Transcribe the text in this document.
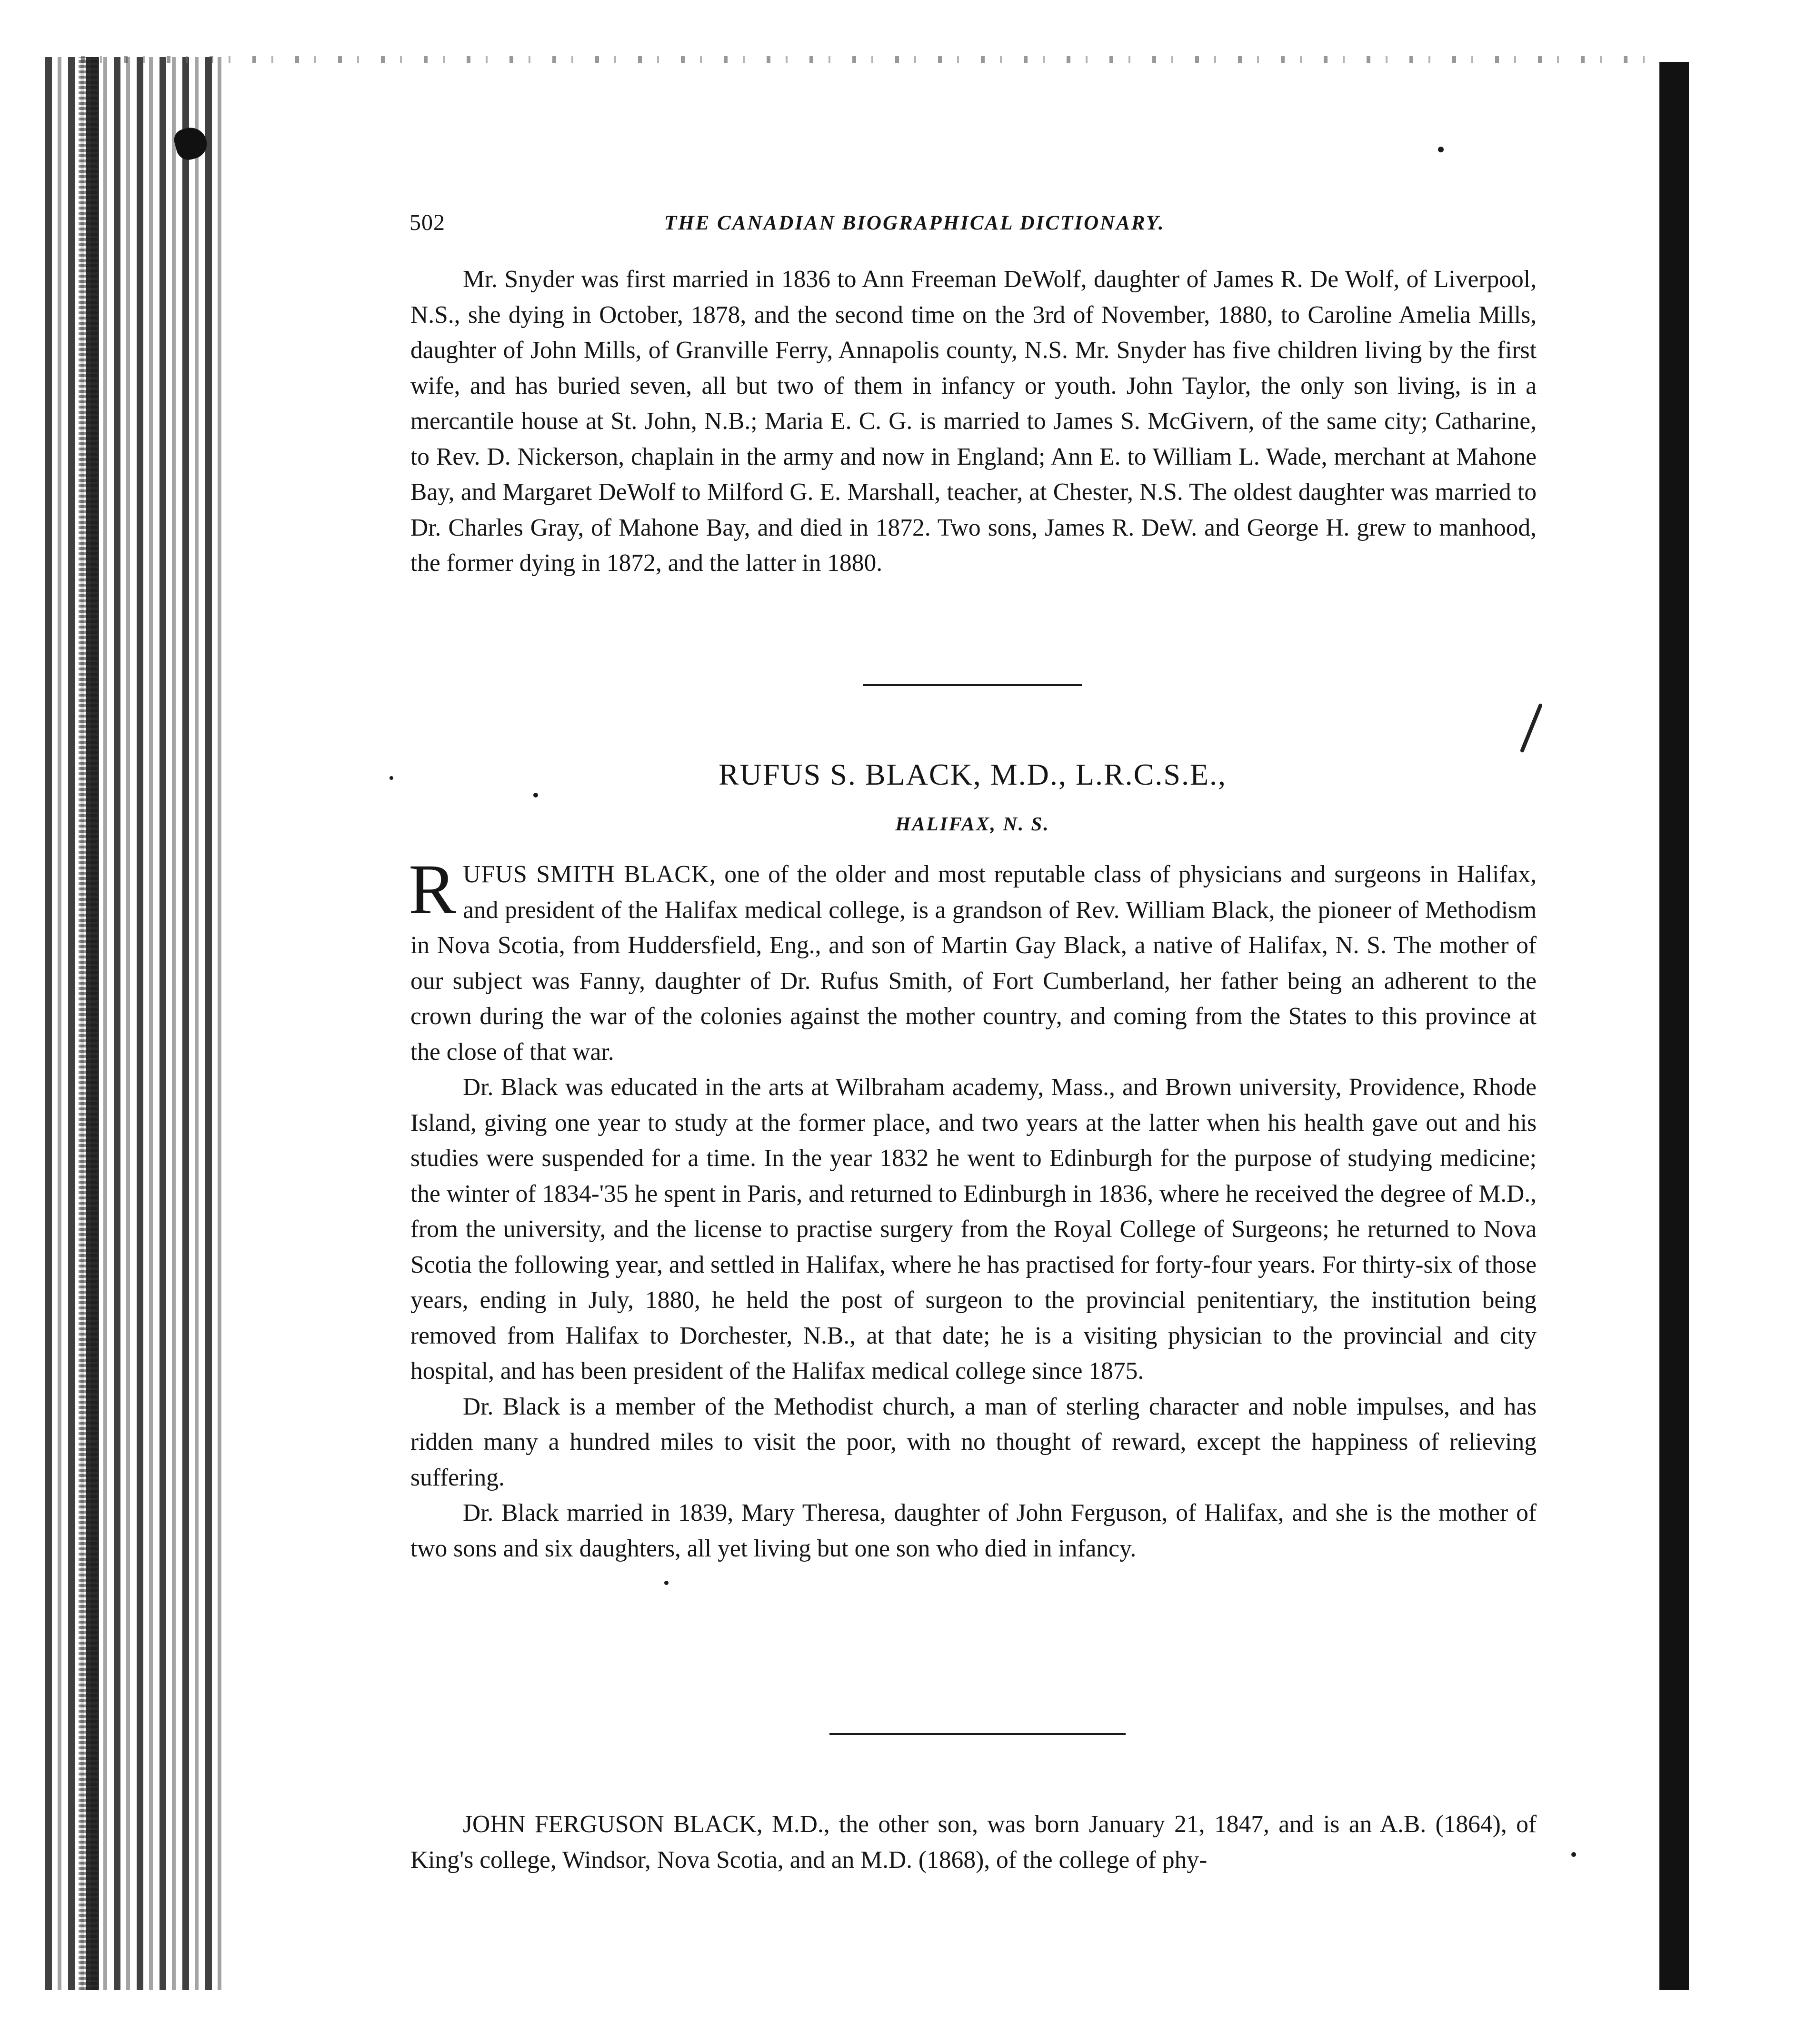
502	THE CANADIAN BIOGRAPHICAL DICTIONARY.

Mr. Snyder was first married in 1836 to Ann Freeman DeWolf, daughter of James R. De Wolf, of Liverpool, N.S., she dying in October, 1878, and the second time on the 3rd of November, 1880, to Caroline Amelia Mills, daughter of John Mills, of Granville Ferry, Annapolis county, N.S. Mr. Snyder has five children living by the first wife, and has buried seven, all but two of them in infancy or youth. John Taylor, the only son living, is in a mercantile house at St. John, N.B.; Maria E. C. G. is married to James S. McGivern, of the same city; Catharine, to Rev. D. Nickerson, chaplain in the army and now in England; Ann E. to William L. Wade, merchant at Mahone Bay, and Margaret DeWolf to Milford G. E. Marshall, teacher, at Chester, N.S. The oldest daughter was married to Dr. Charles Gray, of Mahone Bay, and died in 1872. Two sons, James R. DeW. and George H. grew to manhood, the former dying in 1872, and the latter in 1880.

RUFUS S. BLACK, M.D., L.R.C.S.E.,
HALIFAX, N. S.

RUFUS SMITH BLACK, one of the older and most reputable class of physicians and surgeons in Halifax, and president of the Halifax medical college, is a grandson of Rev. William Black, the pioneer of Methodism in Nova Scotia, from Huddersfield, Eng., and son of Martin Gay Black, a native of Halifax, N. S. The mother of our subject was Fanny, daughter of Dr. Rufus Smith, of Fort Cumberland, her father being an adherent to the crown during the war of the colonies against the mother country, and coming from the States to this province at the close of that war.

Dr. Black was educated in the arts at Wilbraham academy, Mass., and Brown university, Providence, Rhode Island, giving one year to study at the former place, and two years at the latter when his health gave out and his studies were suspended for a time. In the year 1832 he went to Edinburgh for the purpose of studying medicine; the winter of 1834-'35 he spent in Paris, and returned to Edinburgh in 1836, where he received the degree of M.D., from the university, and the license to practise surgery from the Royal College of Surgeons; he returned to Nova Scotia the following year, and settled in Halifax, where he has practised for forty-four years. For thirty-six of those years, ending in July, 1880, he held the post of surgeon to the provincial penitentiary, the institution being removed from Halifax to Dorchester, N.B., at that date; he is a visiting physician to the provincial and city hospital, and has been president of the Halifax medical college since 1875.

Dr. Black is a member of the Methodist church, a man of sterling character and noble impulses, and has ridden many a hundred miles to visit the poor, with no thought of reward, except the happiness of relieving suffering.

Dr. Black married in 1839, Mary Theresa, daughter of John Ferguson, of Halifax, and she is the mother of two sons and six daughters, all yet living but one son who died in infancy.

JOHN FERGUSON BLACK, M.D., the other son, was born January 21, 1847, and is an A.B. (1864), of King's college, Windsor, Nova Scotia, and an M.D. (1868), of the college of phy-
